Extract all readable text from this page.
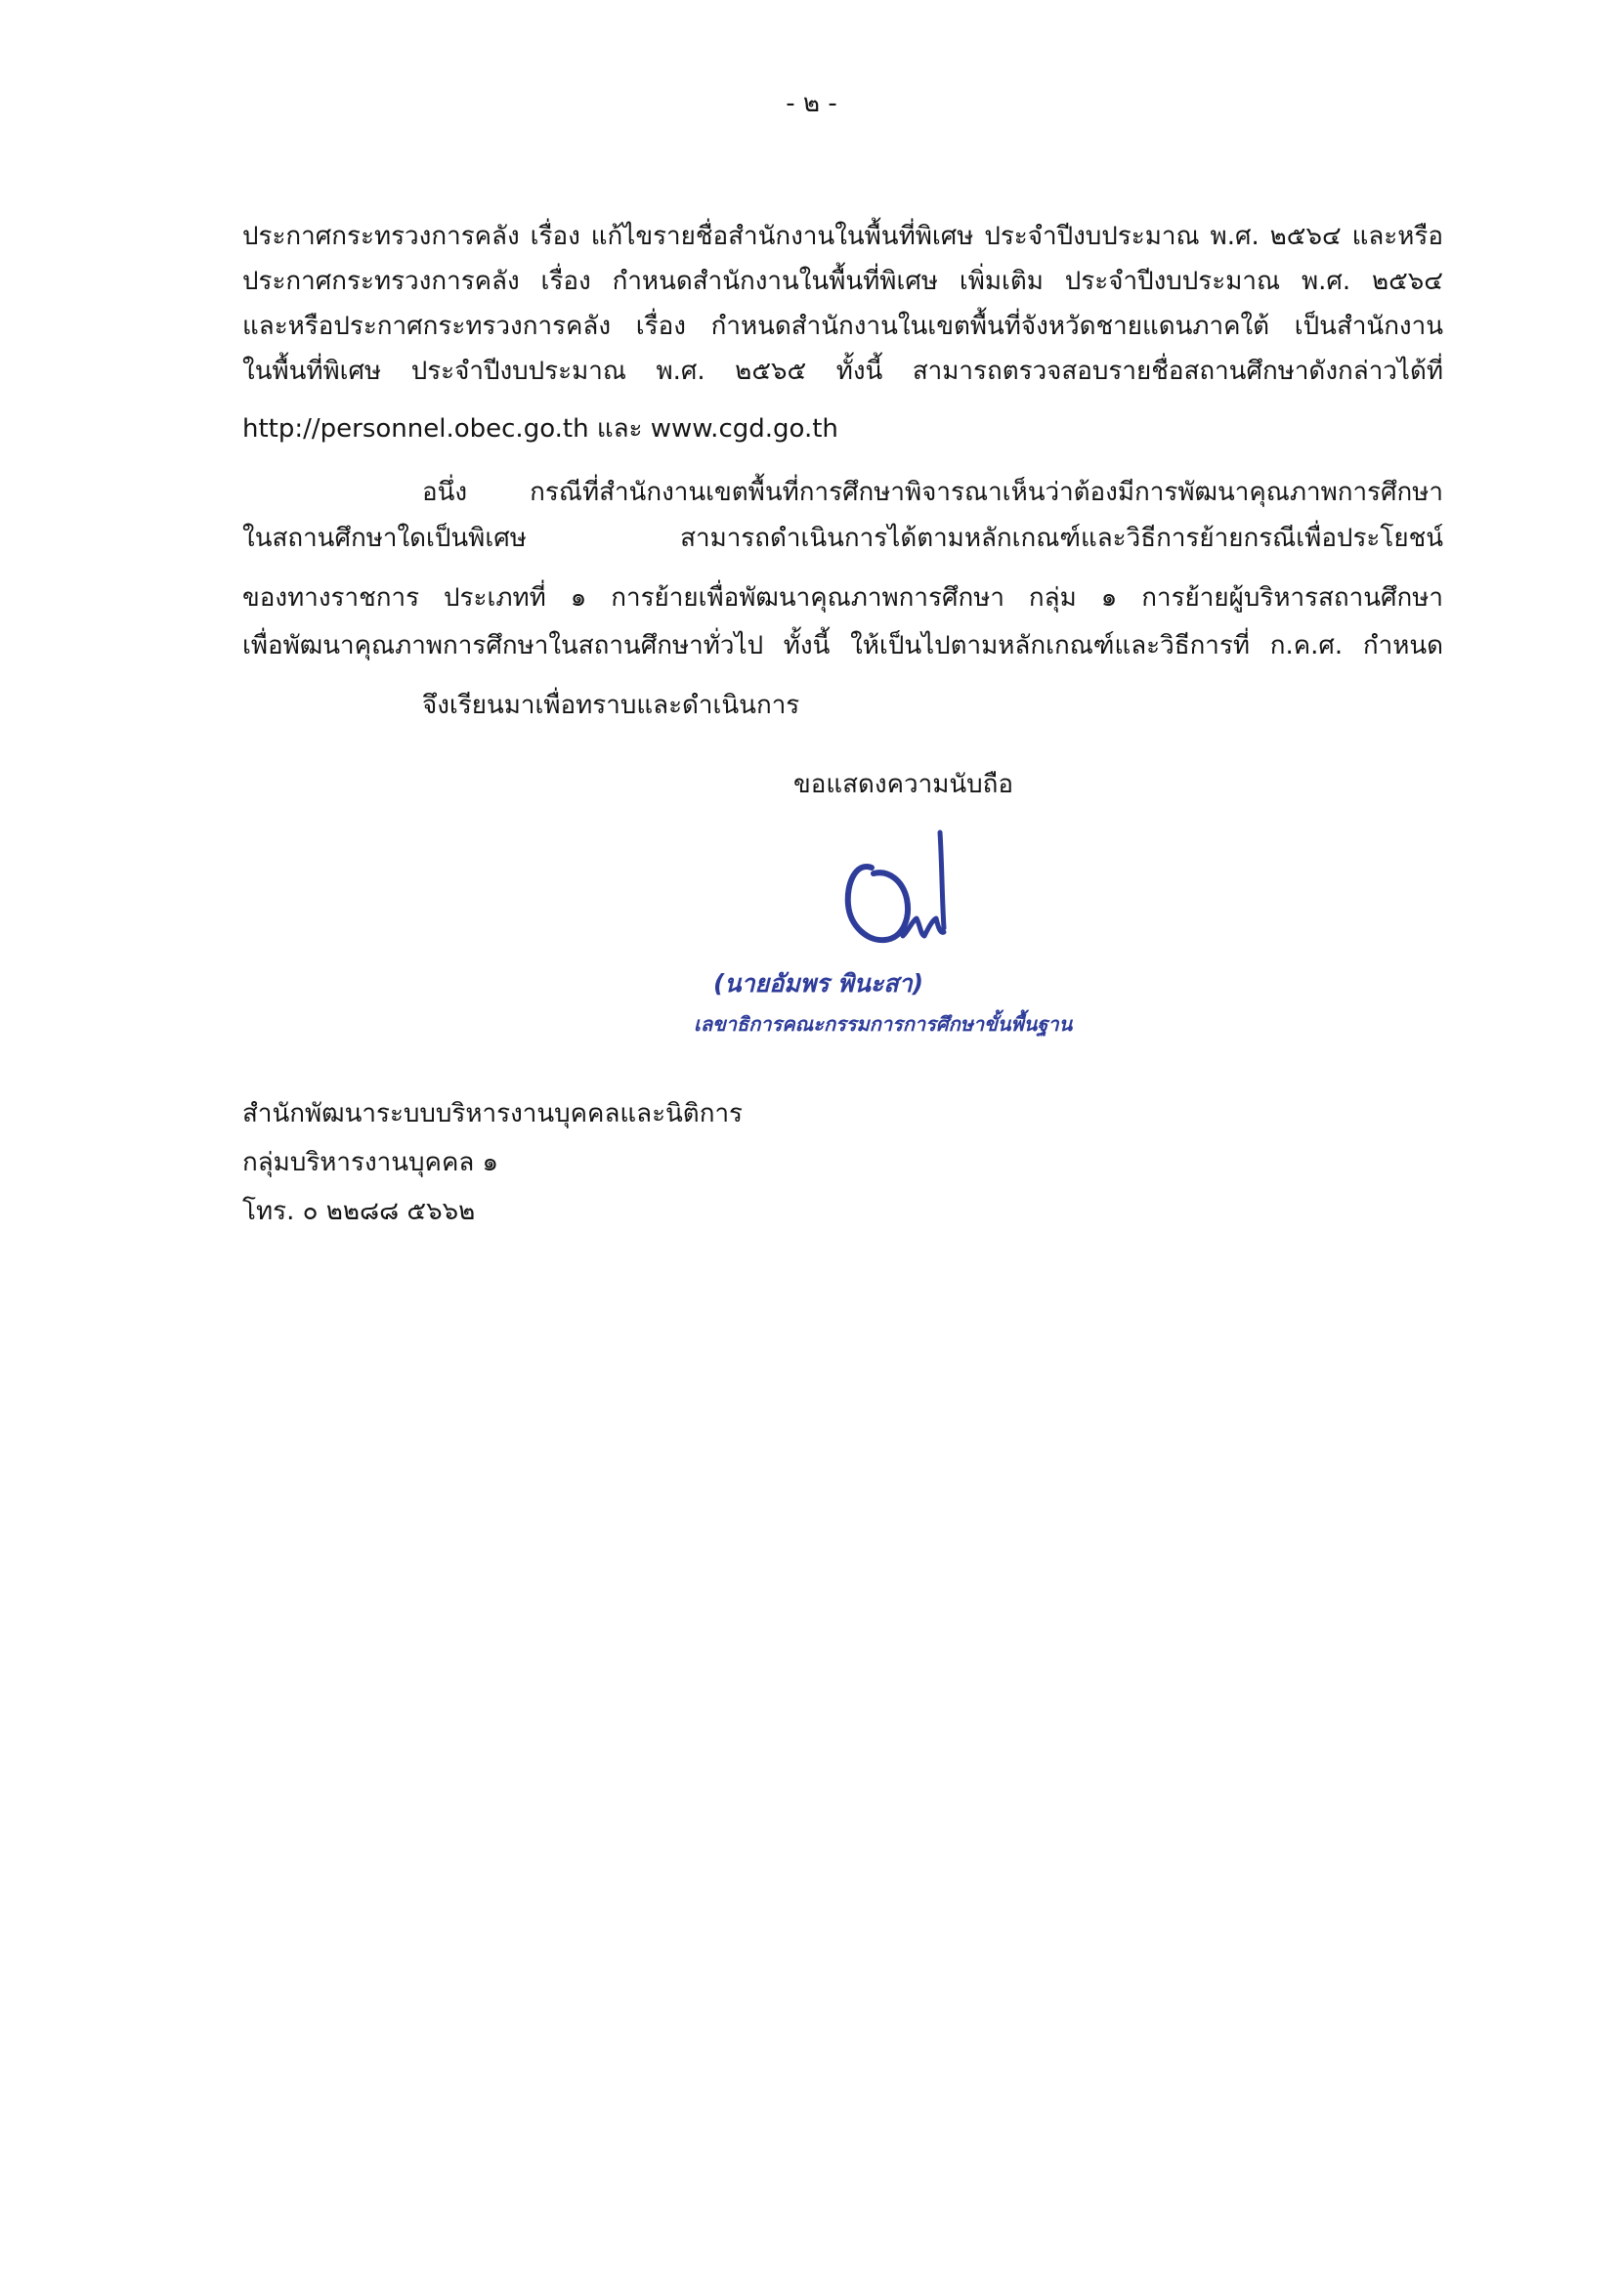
- ๒ -
ประกาศกระทรวงการคลัง เรื่อง แก้ไขรายชื่อสำนักงานในพื้นที่พิเศษ ประจำปีงบประมาณ พ.ศ. ๒๕๖๔ และหรือ
ประกาศกระทรวงการคลัง เรื่อง กำหนดสำนักงานในพื้นที่พิเศษ เพิ่มเติม ประจำปีงบประมาณ พ.ศ. ๒๕๖๔
และหรือประกาศกระทรวงการคลัง เรื่อง กำหนดสำนักงานในเขตพื้นที่จังหวัดชายแดนภาคใต้ เป็นสำนักงาน
ในพื้นที่พิเศษ ประจำปีงบประมาณ พ.ศ. ๒๕๖๕ ทั้งนี้ สามารถตรวจสอบรายชื่อสถานศึกษาดังกล่าวได้ที่
http://personnel.obec.go.th และ www.cgd.go.th
อนึ่ง กรณีที่สำนักงานเขตพื้นที่การศึกษาพิจารณาเห็นว่าต้องมีการพัฒนาคุณภาพการศึกษา
ในสถานศึกษาใดเป็นพิเศษ สามารถดำเนินการได้ตามหลักเกณฑ์และวิธีการย้ายกรณีเพื่อประโยชน์
ของทางราชการ ประเภทที่ ๑ การย้ายเพื่อพัฒนาคุณภาพการศึกษา กลุ่ม ๑ การย้ายผู้บริหารสถานศึกษา
เพื่อพัฒนาคุณภาพการศึกษาในสถานศึกษาทั่วไป ทั้งนี้ ให้เป็นไปตามหลักเกณฑ์และวิธีการที่ ก.ค.ศ. กำหนด
จึงเรียนมาเพื่อทราบและดำเนินการ
ขอแสดงความนับถือ
(นายอัมพร พินะสา)
เลขาธิการคณะกรรมการการศึกษาขั้นพื้นฐาน
สำนักพัฒนาระบบบริหารงานบุคคลและนิติการ
กลุ่มบริหารงานบุคคล ๑
โทร. ๐ ๒๒๘๘ ๕๖๖๒
